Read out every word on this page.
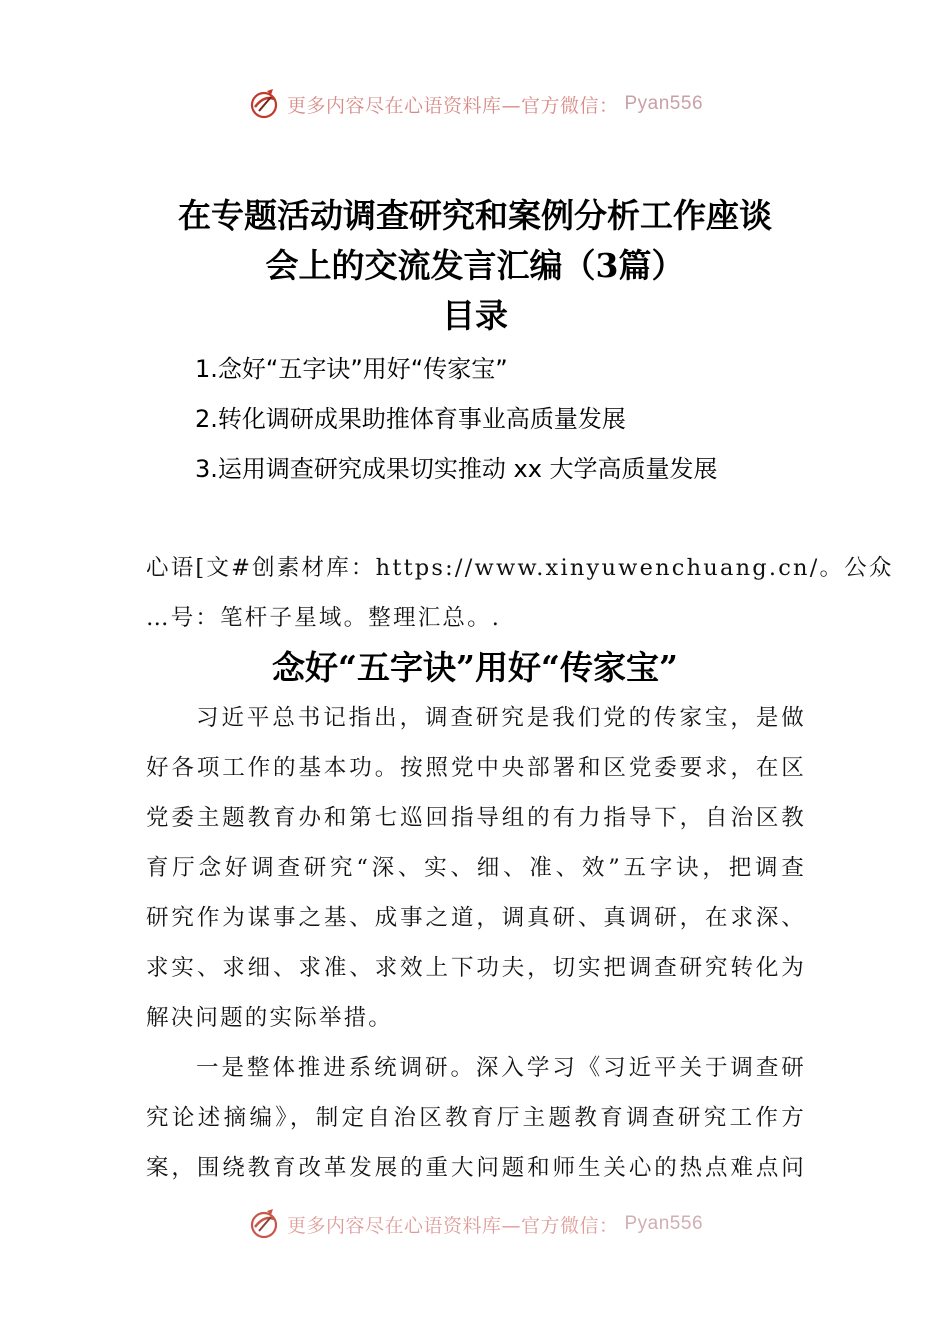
更多内容尽在心语资料库—官方微信： Pyan556
在专题活动调查研究和案例分析工作座谈
会上的交流发言汇编（3篇）
目录
1.念好“五字诀”用好“传家宝”
2.转化调研成果助推体育事业高质量发展
3.运用调查研究成果切实推动 xx 大学高质量发展
心语[文#创素材库：https://www.xinyuwenchuang.cn/。公众
…号：笔杆子星域。整理汇总。.
念好“五字诀”用好“传家宝”
习近平总书记指出，调查研究是我们党的传家宝，是做
好各项工作的基本功。按照党中央部署和区党委要求，在区
党委主题教育办和第七巡回指导组的有力指导下，自治区教
育厅念好调查研究“深、实、细、准、效”五字诀，把调查
研究作为谋事之基、成事之道，调真研、真调研，在求深、
求实、求细、求准、求效上下功夫，切实把调查研究转化为
解决问题的实际举措。
一是整体推进系统调研。深入学习《习近平关于调查研
究论述摘编》，制定自治区教育厅主题教育调查研究工作方
案，围绕教育改革发展的重大问题和师生关心的热点难点问
更多内容尽在心语资料库—官方微信： Pyan556
